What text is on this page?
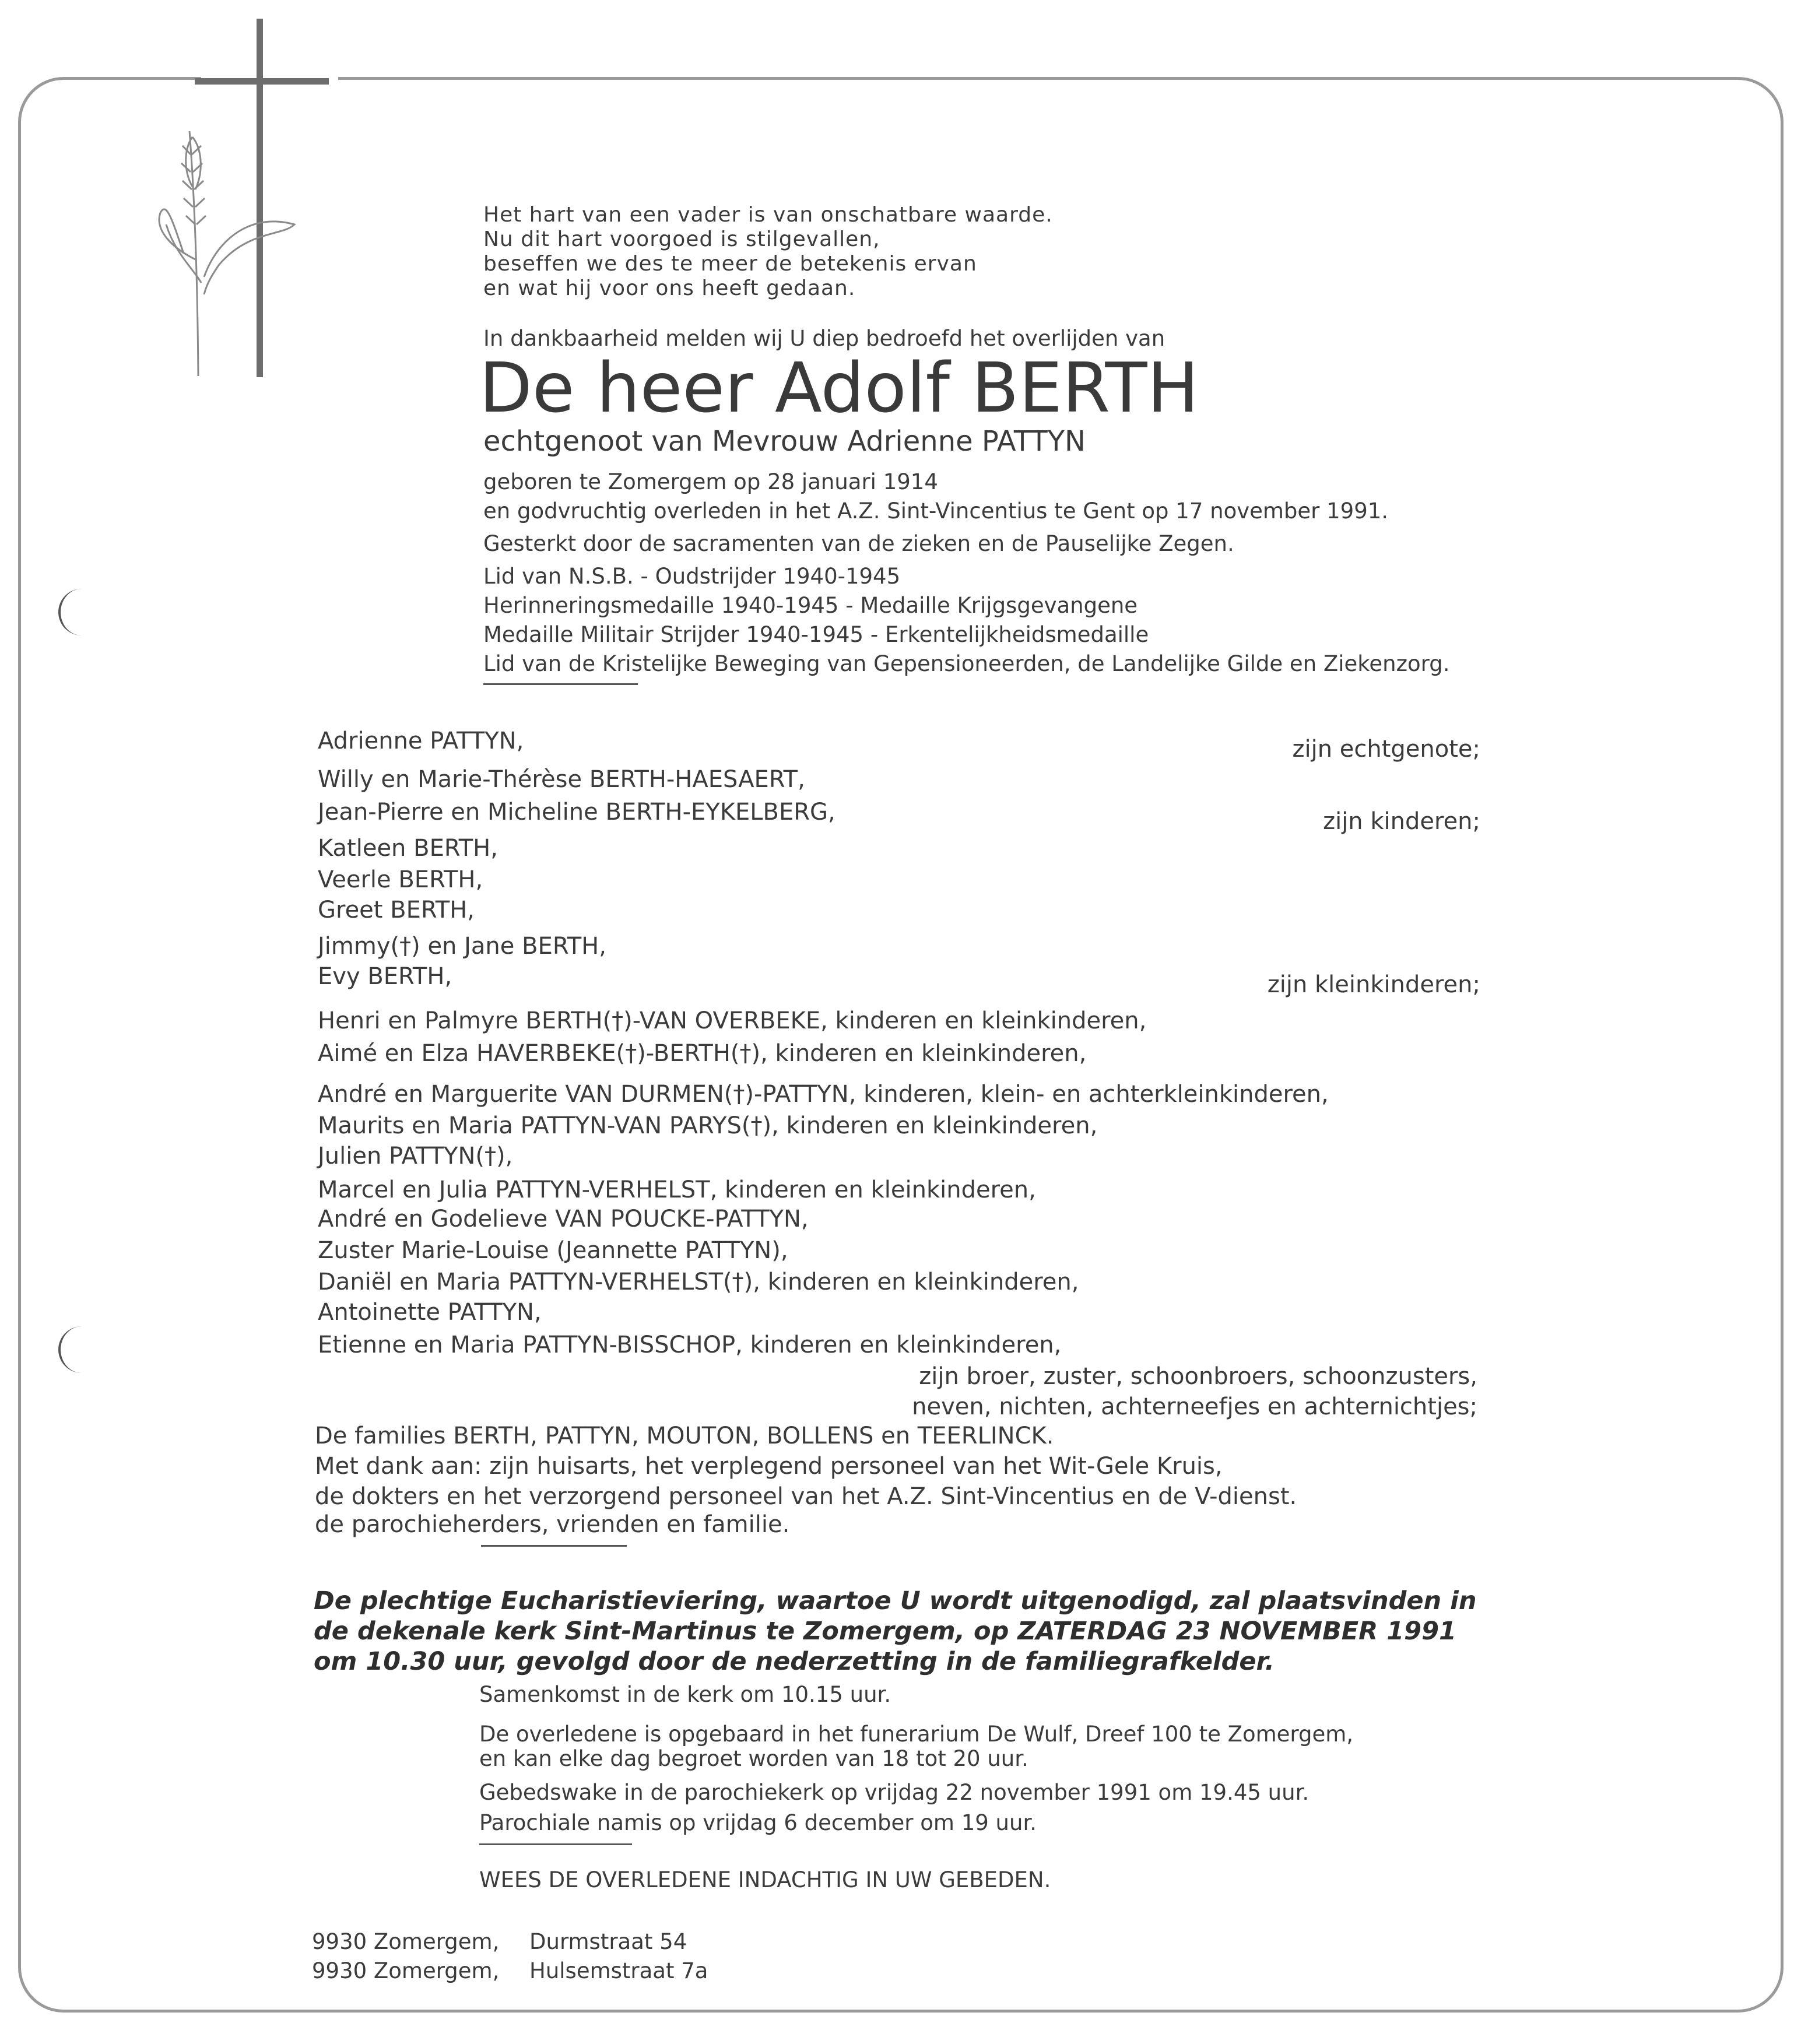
Het hart van een vader is van onschatbare waarde.

Nu dit hart voorgoed is stilgevallen,

beseffen we des te meer de betekenis ervan

en wat hij voor ons heeft gedaan.

In dankbaarheid melden wij U diep bedroefd het overlijden van

De heer Adolf BERTH

echtgenoot van Mevrouw Adrienne PATTYN

geboren te Zomergem op 28 januari 1914

en godvruchtig overleden in het A.Z. Sint-Vincentius te Gent op 17 november 1991.

Gesterkt door de sacramenten van de zieken en de Pauselijke Zegen.

Lid van N.S.B. - Oudstrijder 1940-1945

Herinneringsmedaille 1940-1945 - Medaille Krijgsgevangene

Medaille Militair Strijder 1940-1945 - Erkentelijkheidsmedaille

Lid van de Kristelijke Beweging van Gepensioneerden, de Landelijke Gilde en Ziekenzorg.

Adrienne PATTYN,

Willy en Marie-Thérèse BERTH-HAESAERT,

Jean-Pierre en Micheline BERTH-EYKELBERG,

Katleen BERTH,

Veerle BERTH,

Greet BERTH,

Jimmy(†) en Jane BERTH,

Evy BERTH,

Henri en Palmyre BERTH(†)-VAN OVERBEKE, kinderen en kleinkinderen,

Aimé en Elza HAVERBEKE(†)-BERTH(†), kinderen en kleinkinderen,

André en Marguerite VAN DURMEN(†)-PATTYN, kinderen, klein- en achterkleinkinderen,

Maurits en Maria PATTYN-VAN PARYS(†), kinderen en kleinkinderen,

Julien PATTYN(†),

Marcel en Julia PATTYN-VERHELST, kinderen en kleinkinderen,

André en Godelieve VAN POUCKE-PATTYN,

Zuster Marie-Louise (Jeannette PATTYN),

Daniël en Maria PATTYN-VERHELST(†), kinderen en kleinkinderen,

Antoinette PATTYN,

Etienne en Maria PATTYN-BISSCHOP, kinderen en kleinkinderen,

zijn echtgenote;

zijn kinderen;

zijn kleinkinderen;

zijn broer, zuster, schoonbroers, schoonzusters,

neven, nichten, achterneefjes en achternichtjes;

De families BERTH, PATTYN, MOUTON, BOLLENS en TEERLINCK.

Met dank aan: zijn huisarts, het verplegend personeel van het Wit-Gele Kruis,

de dokters en het verzorgend personeel van het A.Z. Sint-Vincentius en de V-dienst.

de parochieherders, vrienden en familie.

De plechtige Eucharistieviering, waartoe U wordt uitgenodigd, zal plaatsvinden in

de dekenale kerk Sint-Martinus te Zomergem, op ZATERDAG 23 NOVEMBER 1991

om 10.30 uur, gevolgd door de nederzetting in de familiegrafkelder.

Samenkomst in de kerk om 10.15 uur.

De overledene is opgebaard in het funerarium De Wulf, Dreef 100 te Zomergem,

en kan elke dag begroet worden van 18 tot 20 uur.

Gebedswake in de parochiekerk op vrijdag 22 november 1991 om 19.45 uur.

Parochiale namis op vrijdag 6 december om 19 uur.

WEES DE OVERLEDENE INDACHTIG IN UW GEBEDEN.

9930 Zomergem, Durmstraat 54

9930 Zomergem, Hulsemstraat 7a
